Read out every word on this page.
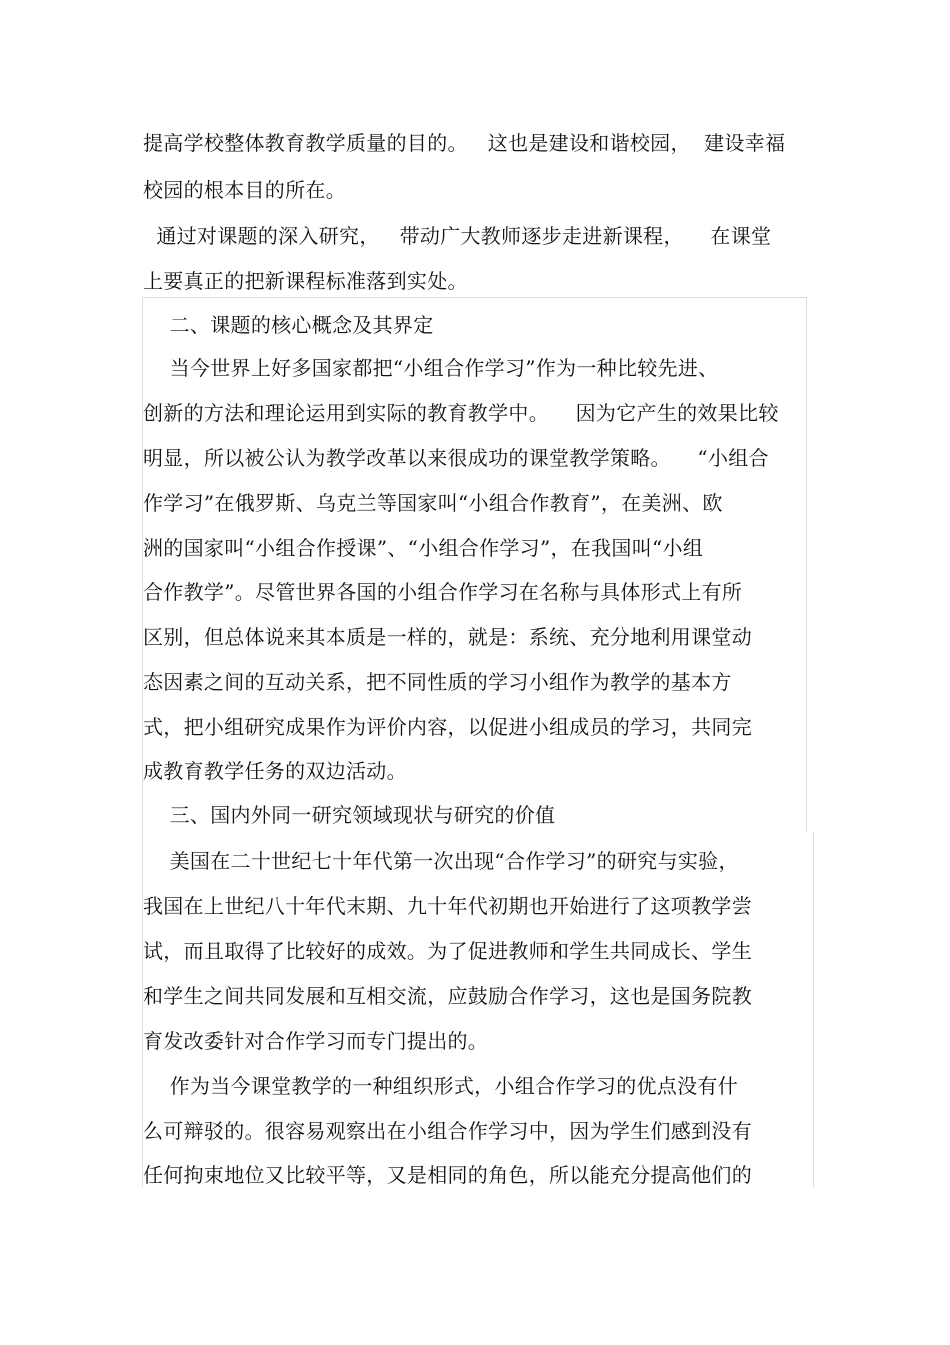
提高学校整体教育教学质量的目的。   这也是建设和谐校园，  建设幸福
校园的根本目的所在。
通过对课题的深入研究，   带动广大教师逐步走进新课程，    在课堂
上要真正的把新课程标准落到实处。
二、课题的核心概念及其界定
当今世界上好多国家都把“小组合作学习”作为一种比较先进、
创新的方法和理论运用到实际的教育教学中。    因为它产生的效果比较
明显，所以被公认为教学改革以来很成功的课堂教学策略。    “小组合
作学习”在俄罗斯、乌克兰等国家叫“小组合作教育”，在美洲、欧
洲的国家叫“小组合作授课”、“小组合作学习”，在我国叫“小组
合作教学”。尽管世界各国的小组合作学习在名称与具体形式上有所
区别，但总体说来其本质是一样的，就是：系统、充分地利用课堂动
态因素之间的互动关系，把不同性质的学习小组作为教学的基本方
式，把小组研究成果作为评价内容，以促进小组成员的学习，共同完
成教育教学任务的双边活动。
三、国内外同一研究领域现状与研究的价值
美国在二十世纪七十年代第一次出现“合作学习”的研究与实验，
我国在上世纪八十年代末期、九十年代初期也开始进行了这项教学尝
试，而且取得了比较好的成效。为了促进教师和学生共同成长、学生
和学生之间共同发展和互相交流，应鼓励合作学习，这也是国务院教
育发改委针对合作学习而专门提出的。
作为当今课堂教学的一种组织形式，小组合作学习的优点没有什
么可辩驳的。很容易观察出在小组合作学习中，因为学生们感到没有
任何拘束地位又比较平等，又是相同的角色，所以能充分提高他们的
